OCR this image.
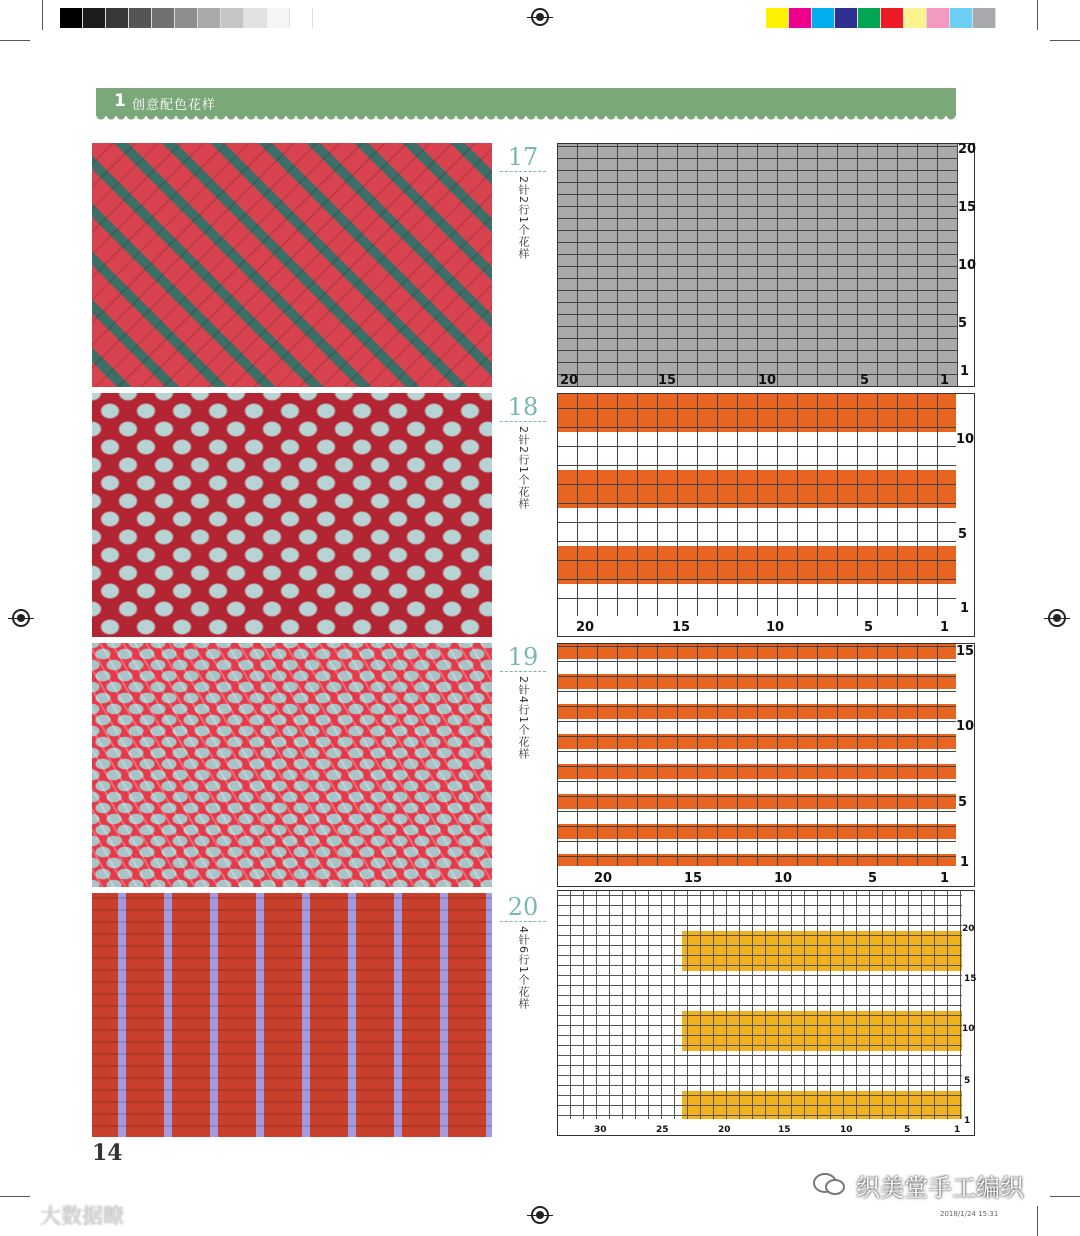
1 创意配色花样
17
2针2行1个花样
18
2针2行1个花样
19
2针4行1个花样
20
4针6行1个花样
20
15
10
5
1
20	15	10	5	1
10
5
1
20	15	10	5	1
15
10
5
1
20	15	10	5	1
20
15
10
5
1
30	25	20	15	10	5	1
14
织美堂手工编织
大数据瞭	2018/1/24 15:31
